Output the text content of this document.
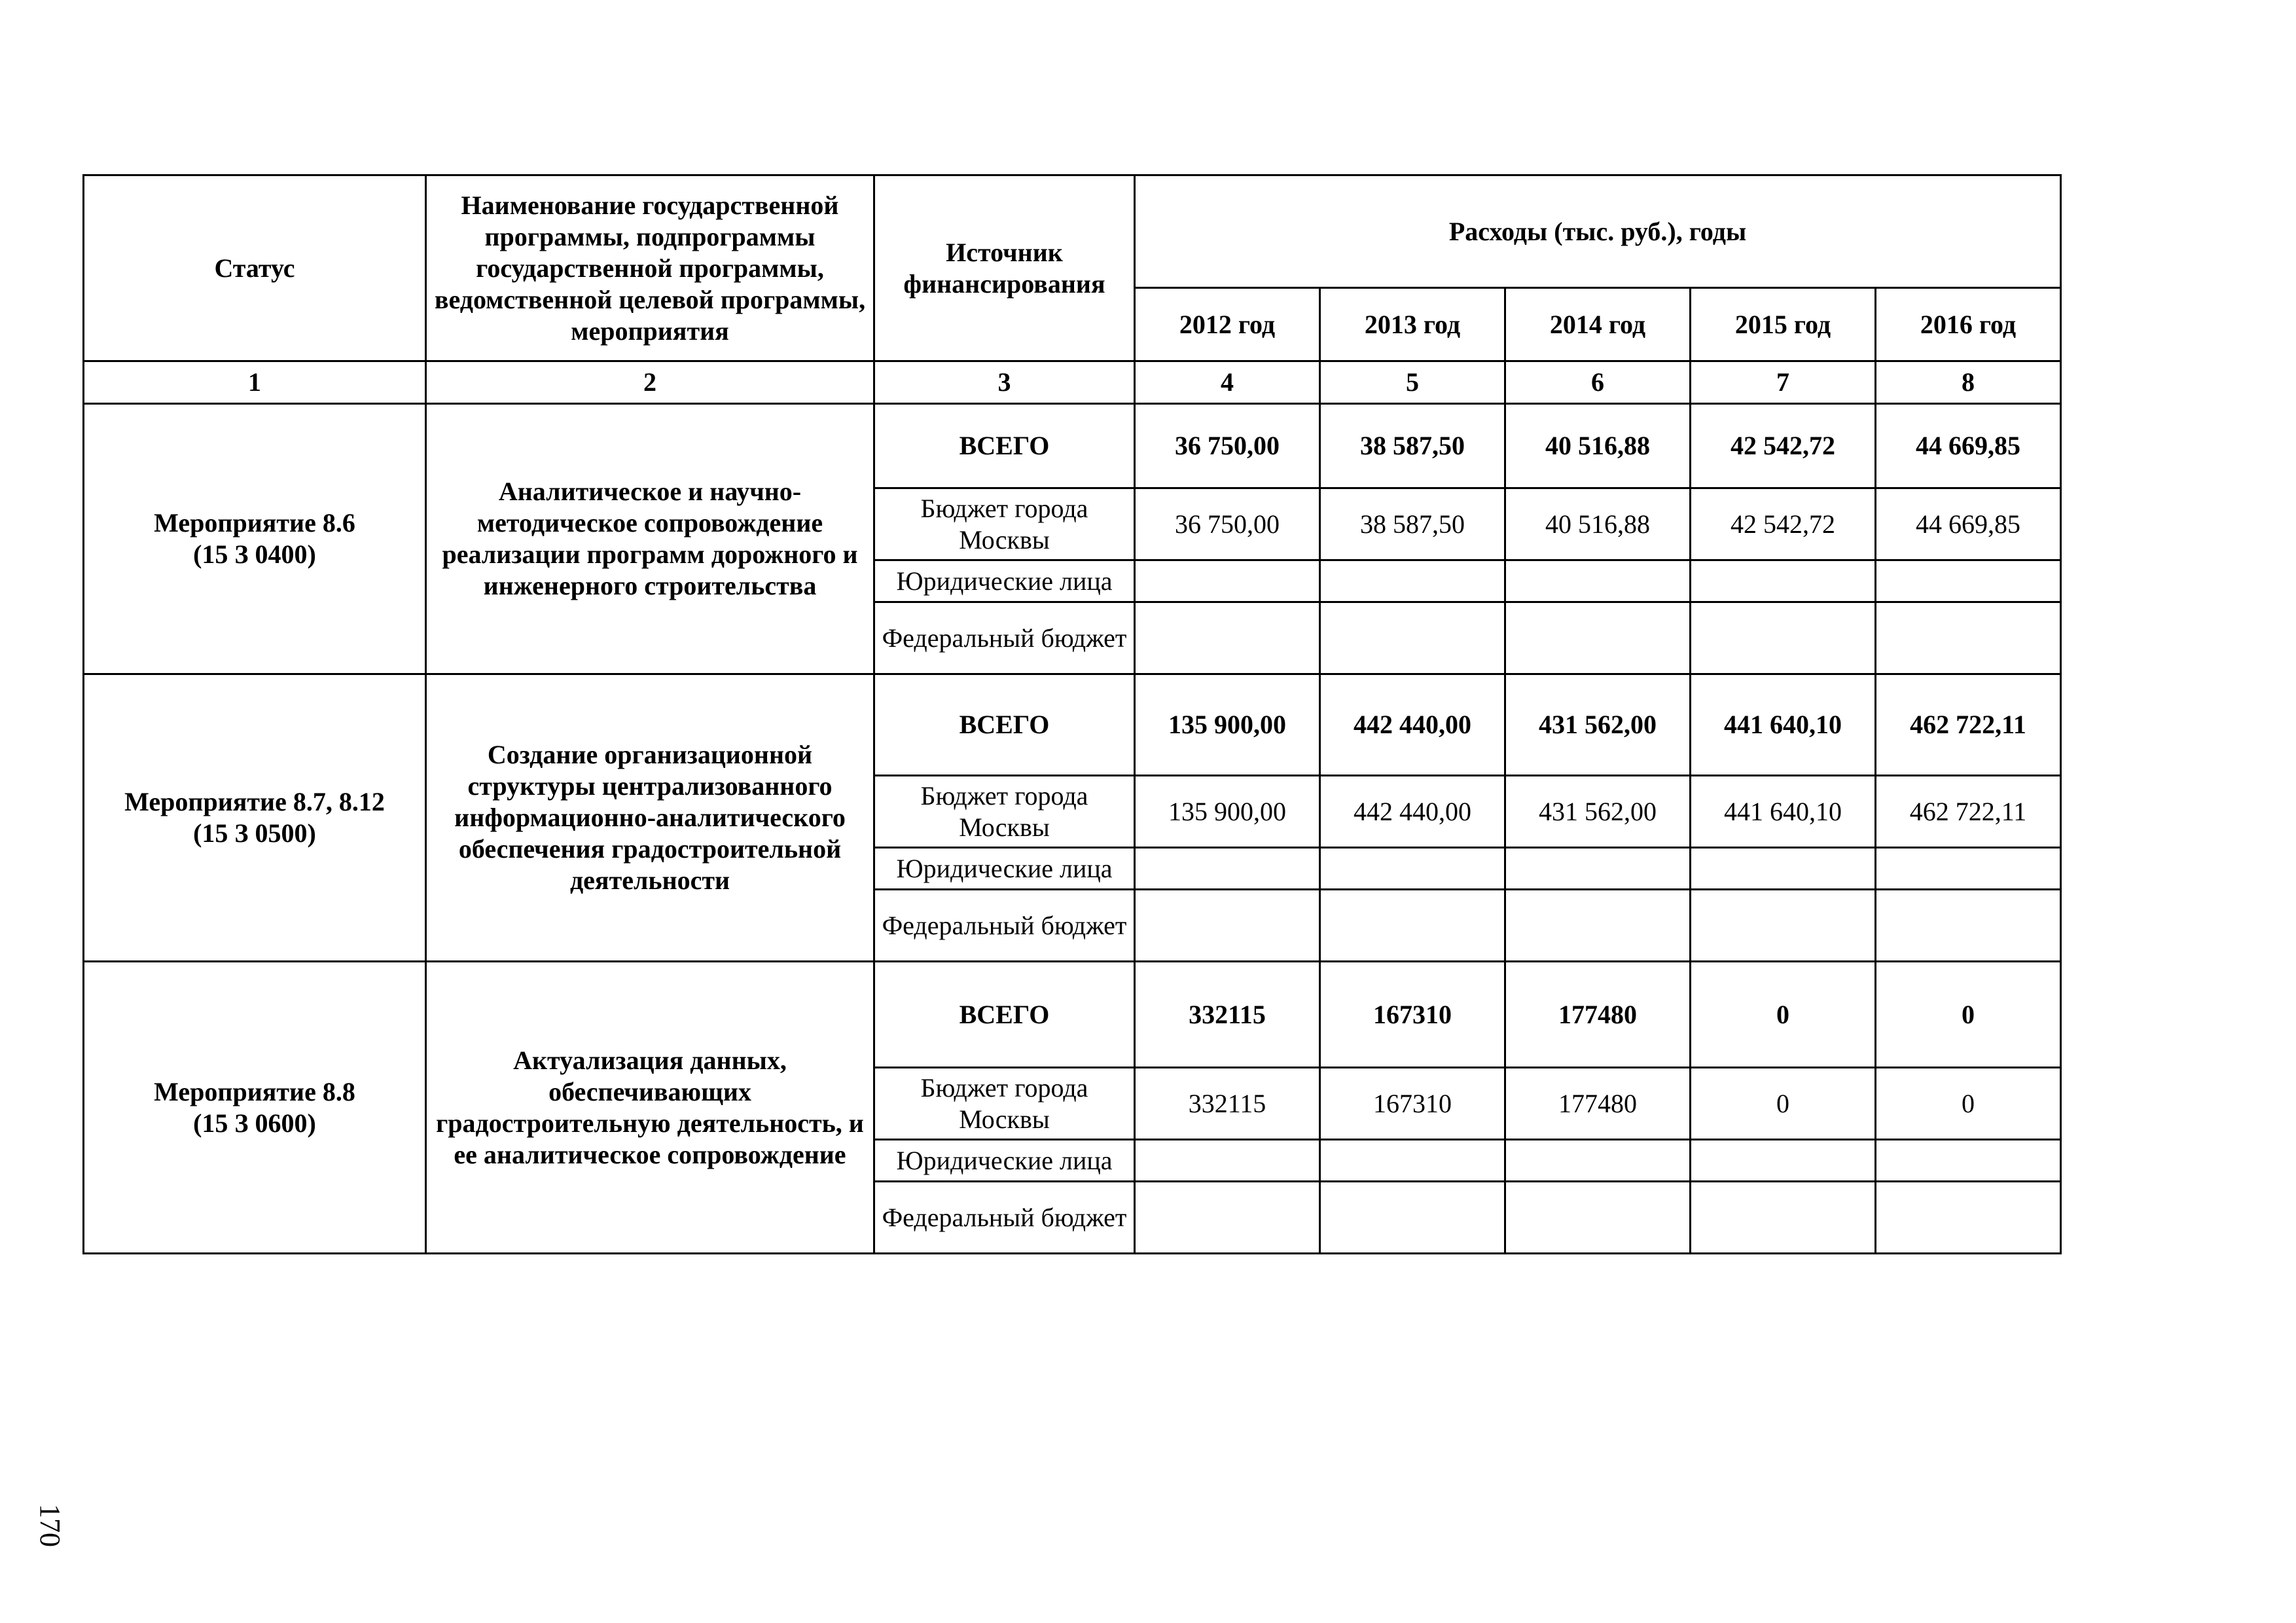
170
Статус	Наименование государственной программы, подпрограммы государственной программы, ведомственной целевой программы, мероприятия	Источник финансирования	Расходы (тыс. руб.), годы				
			2012 год	2013 год	2014 год	2015 год	2016 год
1	2	3	4	5	6	7	8

Мероприятие 8.6
(15 З 0400)	Аналитическое и научно-методическое сопровождение реализации программ дорожного и инженерного строительства	ВСЕГО	36 750,00	38 587,50	40 516,88	42 542,72	44 669,85
		Бюджет города Москвы	36 750,00	38 587,50	40 516,88	42 542,72	44 669,85
		Юридические лица					
		Федеральный бюджет					

Мероприятие 8.7, 8.12
(15 З 0500)	Создание организационной структуры централизованного информационно-аналитического обеспечения градостроительной деятельности	ВСЕГО	135 900,00	442 440,00	431 562,00	441 640,10	462 722,11
		Бюджет города Москвы	135 900,00	442 440,00	431 562,00	441 640,10	462 722,11
		Юридические лица					
		Федеральный бюджет					

Мероприятие 8.8
(15 З 0600)	Актуализация данных, обеспечивающих градостроительную деятельность, и ее аналитическое сопровождение	ВСЕГО	332115	167310	177480	0	0
		Бюджет города Москвы	332115	167310	177480	0	0
		Юридические лица					
		Федеральный бюджет					
